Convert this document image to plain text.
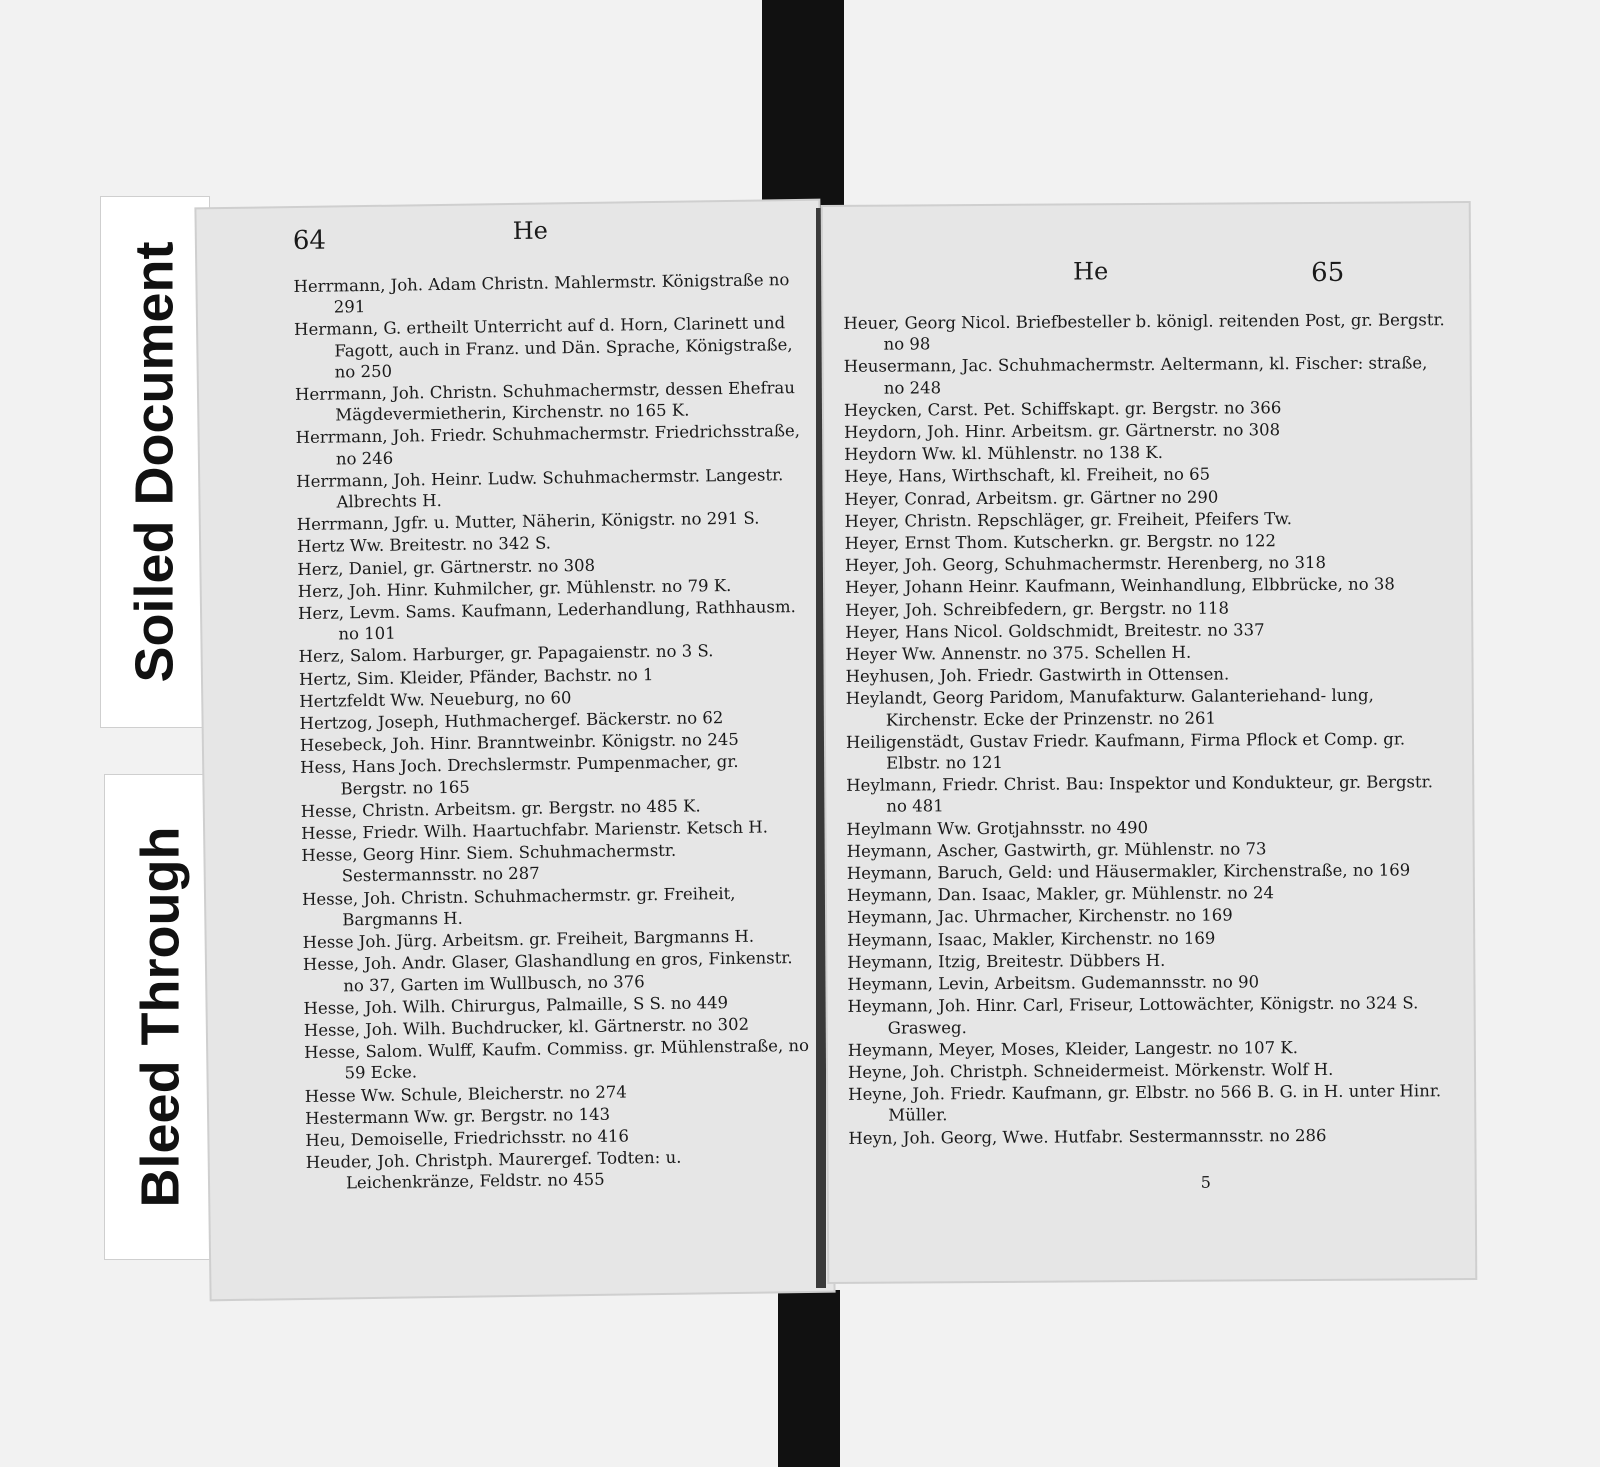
Soiled Document
Bleed Through
64	He
Herrmann, Joh. Adam Christn. Mahlermstr. Königstraße no 291
Hermann, G. ertheilt Unterricht auf d. Horn, Clarinett und Fagott, auch in Franz. und Dän. Sprache, Königstraße, no 250
Herrmann, Joh. Christn. Schuhmachermstr, dessen Ehefrau Mägdevermietherin, Kirchenstr. no 165 K.
Herrmann, Joh. Friedr. Schuhmachermstr. Friedrichsstraße, no 246
Herrmann, Joh. Heinr. Ludw. Schuhmachermstr. Langestr. Albrechts H.
Herrmann, Jgfr. u. Mutter, Näherin, Königstr. no 291 S.
Hertz Ww. Breitestr. no 342 S.
Herz, Daniel, gr. Gärtnerstr. no 308
Herz, Joh. Hinr. Kuhmilcher, gr. Mühlenstr. no 79 K.
Herz, Levm. Sams. Kaufmann, Lederhandlung, Rathhausm. no 101
Herz, Salom. Harburger, gr. Papagaienstr. no 3 S.
Hertz, Sim. Kleider, Pfänder, Bachstr. no 1
Hertzfeldt Ww. Neueburg, no 60
Hertzog, Joseph, Huthmachergef. Bäckerstr. no 62
Hesebeck, Joh. Hinr. Branntweinbr. Königstr. no 245
Hess, Hans Joch. Drechslermstr. Pumpenmacher, gr. Bergstr. no 165
Hesse, Christn. Arbeitsm. gr. Bergstr. no 485 K.
Hesse, Friedr. Wilh. Haartuchfabr. Marienstr. Ketsch H.
Hesse, Georg Hinr. Siem. Schuhmachermstr. Sestermannsstr. no 287
Hesse, Joh. Christn. Schuhmachermstr. gr. Freiheit, Bargmanns H.
Hesse Joh. Jürg. Arbeitsm. gr. Freiheit, Bargmanns H.
Hesse, Joh. Andr. Glaser, Glashandlung en gros, Finkenstr. no 37, Garten im Wullbusch, no 376
Hesse, Joh. Wilh. Chirurgus, Palmaille, S S. no 449
Hesse, Joh. Wilh. Buchdrucker, kl. Gärtnerstr. no 302
Hesse, Salom. Wulff, Kaufm. Commiss. gr. Mühlenstraße, no 59 Ecke.
Hesse Ww. Schule, Bleicherstr. no 274
Hestermann Ww. gr. Bergstr. no 143
Heu, Demoiselle, Friedrichsstr. no 416
Heuder, Joh. Christph. Maurergef. Todten: u. Leichenkränze, Feldstr. no 455
He	65
Heuer, Georg Nicol. Briefbesteller b. königl. reitenden Post, gr. Bergstr. no 98
Heusermann, Jac. Schuhmachermstr. Aeltermann, kl. Fischer: straße, no 248
Heycken, Carst. Pet. Schiffskapt. gr. Bergstr. no 366
Heydorn, Joh. Hinr. Arbeitsm. gr. Gärtnerstr. no 308
Heydorn Ww. kl. Mühlenstr. no 138 K.
Heye, Hans, Wirthschaft, kl. Freiheit, no 65
Heyer, Conrad, Arbeitsm. gr. Gärtner no 290
Heyer, Christn. Repschläger, gr. Freiheit, Pfeifers Tw.
Heyer, Ernst Thom. Kutscherkn. gr. Bergstr. no 122
Heyer, Joh. Georg, Schuhmachermstr. Herenberg, no 318
Heyer, Johann Heinr. Kaufmann, Weinhandlung, Elbbrücke, no 38
Heyer, Joh. Schreibfedern, gr. Bergstr. no 118
Heyer, Hans Nicol. Goldschmidt, Breitestr. no 337
Heyer Ww. Annenstr. no 375. Schellen H.
Heyhusen, Joh. Friedr. Gastwirth in Ottensen.
Heylandt, Georg Paridom, Manufakturw. Galanteriehand- lung, Kirchenstr. Ecke der Prinzenstr. no 261
Heiligenstädt, Gustav Friedr. Kaufmann, Firma Pflock et Comp. gr. Elbstr. no 121
Heylmann, Friedr. Christ. Bau: Inspektor und Konduktеur, gr. Bergstr. no 481
Heylmann Ww. Grotjahnsstr. no 490
Heymann, Ascher, Gastwirth, gr. Mühlenstr. no 73
Heymann, Baruch, Geld: und Häusermakler, Kirchenstraße, no 169
Heymann, Dan. Isaac, Makler, gr. Mühlenstr. no 24
Heymann, Jac. Uhrmacher, Kirchenstr. no 169
Heymann, Isaac, Makler, Kirchenstr. no 169
Heymann, Itzig, Breitestr. Dübbers H.
Heymann, Levin, Arbeitsm. Gudemannsstr. no 90
Heymann, Joh. Hinr. Carl, Friseur, Lottowächter, Königstr. no 324 S. Grasweg.
Heymann, Meyer, Moses, Kleider, Langestr. no 107 K.
Heyne, Joh. Christph. Schneidermeist. Mörkenstr. Wolf H.
Heyne, Joh. Friedr. Kaufmann, gr. Elbstr. no 566 B. G. in H. unter Hinr. Müller.
Heyn, Joh. Georg, Wwe. Hutfabr. Sestermannsstr. no 286
5
